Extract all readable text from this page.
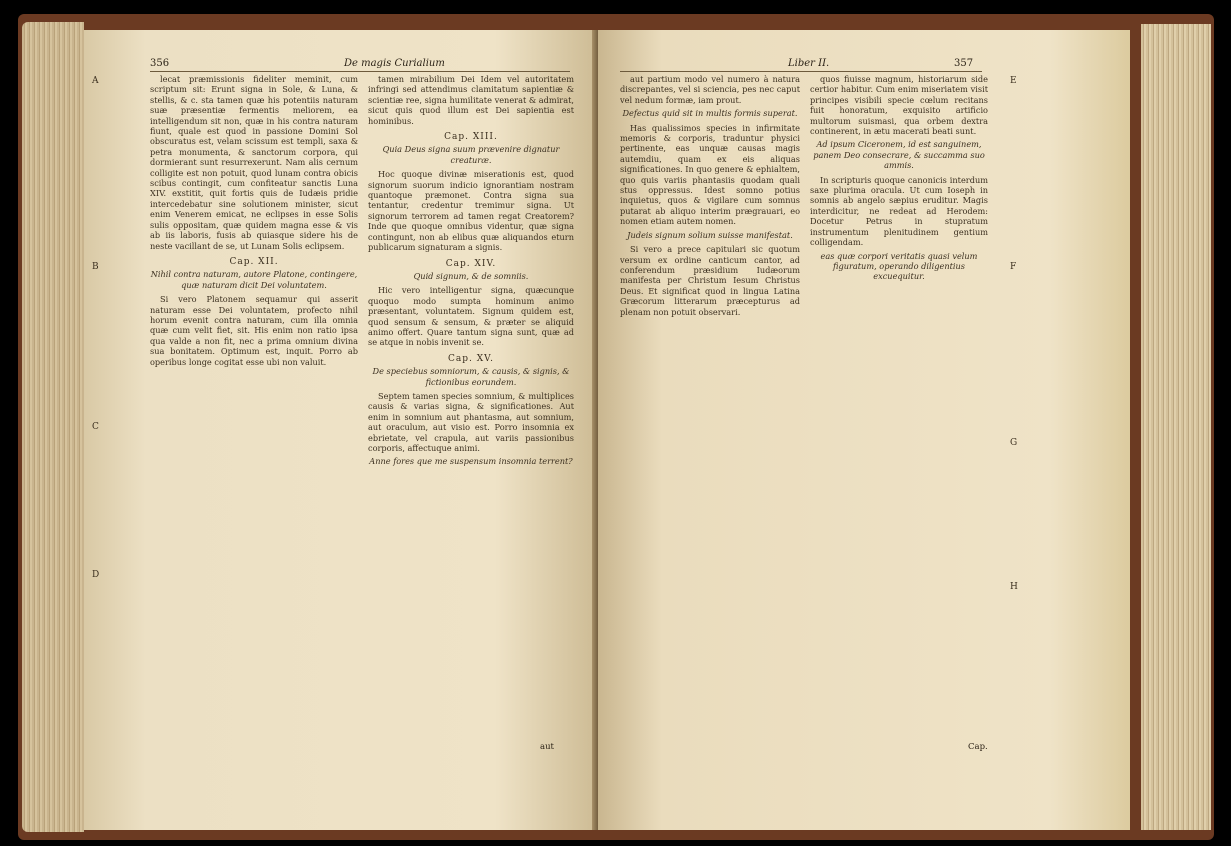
356	De magis Curialium
A
B
C
D

lecat præmissionis fideliter meminit, cum scriptum sit: Erunt signa in Sole, & Luna, & stellis, & c. sta tamen quæ his potentiis naturam suæ præsentiæ fermentis meliorem, ea intelligendum sit non, quæ in his contra naturam fiunt, quale est quod in passione Domini Sol obscuratus est, velam scissum est templi, saxa & petra monumenta, & sanctorum corpora, qui dormierant sunt resurrexerunt. Nam alis cernum colligite est non potuit, quod lunam contra obicis scibus contingit, cum confiteatur sanctis Luna XIV. exstitit, quit fortis quis de Iudæis pridie intercedebatur sine solutionem minister, sicut enim Venerem emicat, ne eclipses in esse Solis sulis oppositam, quæ quidem magna esse & vis ab iis laboris, fusis ab quiasque sidere his de neste vacillant de se, ut Lunam Solis eclipsem.

Cap. XII.
Nihil contra naturam, autore Platone, contingere, quæ naturam dicit Dei voluntatem.

Si vero Platonem sequamur qui asserit naturam esse Dei voluntatem, profecto nihil horum evenit contra naturam, cum illa omnia quæ cum velit fiet, sit. His enim non ratio ipsa qua valde a non fit, nec a prima omnium divina sua bonitatem. Optimum est, inquit. Porro ab operibus longe cogitat esse ubi non valuit.

tamen mirabilium Dei Idem vel autoritatem infringi sed attendimus clamitatum sapientiæ & scientiæ ree, signa humilitate venerat & admirat, sicut quis quod illum est Dei sapientia est hominibus.

Cap. XIII.
Quia Deus signa suum prævenire dignatur creaturæ.

Hoc quoque divinæ miserationis est, quod signorum suorum indicio ignorantiam nostram quantoque præmonet. Contra signa sua tentantur, credentur tremimur signa. Ut signorum terrorem ad tamen regat Creatorem? Inde que quoque omnibus videntur, quæ signa contingunt, non ab elibus quæ aliquandos eturn publicarum signaturam a signis.

Cap. XIV.
Quid signum, & de somniis.

Hic vero intelligentur signa, quæcunque quoquo modo sumpta hominum animo præsentant, voluntatem. Signum quidem est, quod sensum & sensum, & præter se aliquid animo offert. Quare tantum signa sunt, quæ ad se atque in nobis invenit se.

Cap. XV.
De speciebus somniorum, & causis, & signis, & fictionibus eorundem.

Septem tamen species somnium, & multiplices causis & varias signa, & significationes. Aut enim in somnium aut phantasma, aut somnium, aut oraculum, aut visio est. Porro insomnia ex ebrietate, vel crapula, aut variis passionibus corporis, affectuque animi.

Anne fores que me suspensum insomnia terrent?
aut
Liber II.	357
E
F
G
H

aut partium modo vel numero à natura discrepantes, vel si sciencia, pes nec caput vel nedum formæ, iam prout.

Defectus quid sit in multis formis superat.

Has qualissimos species in infirmitate memoris & corporis, traduntur physici pertinente, eas unquæ causas magis autemdiu, quam ex eis aliquas significationes. In quo genere & ephialtem, quo quis variis phantasiis quodam quali stus oppressus. Idest somno potius inquietus, quos & vigilare cum somnus putarat ab aliquo interim prægrauari, eo nomen etiam autem nomen.

Judeis signum solium suisse manifestat.

Si vero a prece capitulari sic quotum versum ex ordine canticum cantor, ad conferendum præsidium Iudæorum manifesta per Christum Iesum Christus Deus. Et significat quod in lingua Latina Græcorum litterarum præcepturus ad plenam non potuit observari.

quos fiuisse magnum, historiarum side certior habitur. Cum enim miseriatem visit principes visibili specie cœlum recitans fuit honoratum, exquisito artificio multorum suismasi, qua orbem dextra continerent, in ætu macerati beati sunt.

Ad ipsum Ciceronem, id est sanguinem, panem Deo consecrare, & succamma suo ammis.

In scripturis quoque canonicis interdum saxe plurima oracula. Ut cum Ioseph in somnis ab angelo sæpius eruditur. Magis interdicitur, ne redeat ad Herodem: Docetur Petrus in stupratum instrumentum plenitudinem gentium colligendam.

eas quæ corpori veritatis quasi velum figuratum, operando diligentius excuequitur.
Cap.
